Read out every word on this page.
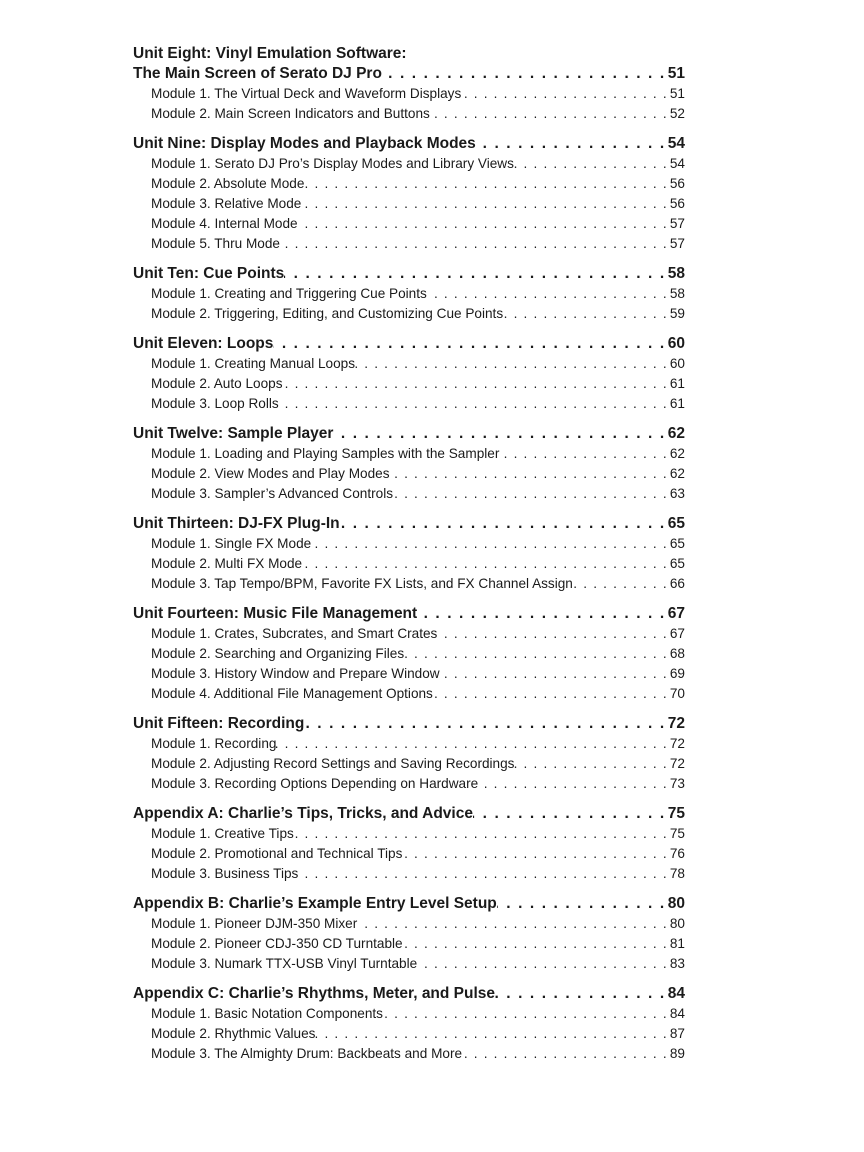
Unit Eight: Vinyl Emulation Software:
The Main Screen of Serato DJ Pro . . .	51
Module 1. The Virtual Deck and Waveform Displays . . .	51
Module 2. Main Screen Indicators and Buttons . . .	52
Unit Nine: Display Modes and Playback Modes . . .	54
Module 1. Serato DJ Pro’s Display Modes and Library Views . . .	54
Module 2. Absolute Mode . . .	56
Module 3. Relative Mode . . .	56
Module 4. Internal Mode . . .	57
Module 5. Thru Mode . . .	57
Unit Ten: Cue Points . . .	58
Module 1. Creating and Triggering Cue Points . . .	58
Module 2. Triggering, Editing, and Customizing Cue Points . . .	59
Unit Eleven: Loops . . .	60
Module 1. Creating Manual Loops . . .	60
Module 2. Auto Loops . . .	61
Module 3. Loop Rolls . . .	61
Unit Twelve: Sample Player . . .	62
Module 1. Loading and Playing Samples with the Sampler . . .	62
Module 2. View Modes and Play Modes . . .	62
Module 3. Sampler’s Advanced Controls . . .	63
Unit Thirteen: DJ-FX Plug-In . . .	65
Module 1. Single FX Mode . . .	65
Module 2. Multi FX Mode . . .	65
Module 3. Tap Tempo/BPM, Favorite FX Lists, and FX Channel Assign . . .	66
Unit Fourteen: Music File Management . . .	67
Module 1. Crates, Subcrates, and Smart Crates . . .	67
Module 2. Searching and Organizing Files . . .	68
Module 3. History Window and Prepare Window . . .	69
Module 4. Additional File Management Options . . .	70
Unit Fifteen: Recording . . .	72
Module 1. Recording . . .	72
Module 2. Adjusting Record Settings and Saving Recordings . . .	72
Module 3. Recording Options Depending on Hardware . . .	73
Appendix A: Charlie’s Tips, Tricks, and Advice . . .	75
Module 1. Creative Tips . . .	75
Module 2. Promotional and Technical Tips . . .	76
Module 3. Business Tips . . .	78
Appendix B: Charlie’s Example Entry Level Setup . . .	80
Module 1. Pioneer DJM-350 Mixer . . .	80
Module 2. Pioneer CDJ-350 CD Turntable . . .	81
Module 3. Numark TTX-USB Vinyl Turntable . . .	83
Appendix C: Charlie’s Rhythms, Meter, and Pulse . . .	84
Module 1. Basic Notation Components . . .	84
Module 2. Rhythmic Values . . .	87
Module 3. The Almighty Drum: Backbeats and More . . .	89
